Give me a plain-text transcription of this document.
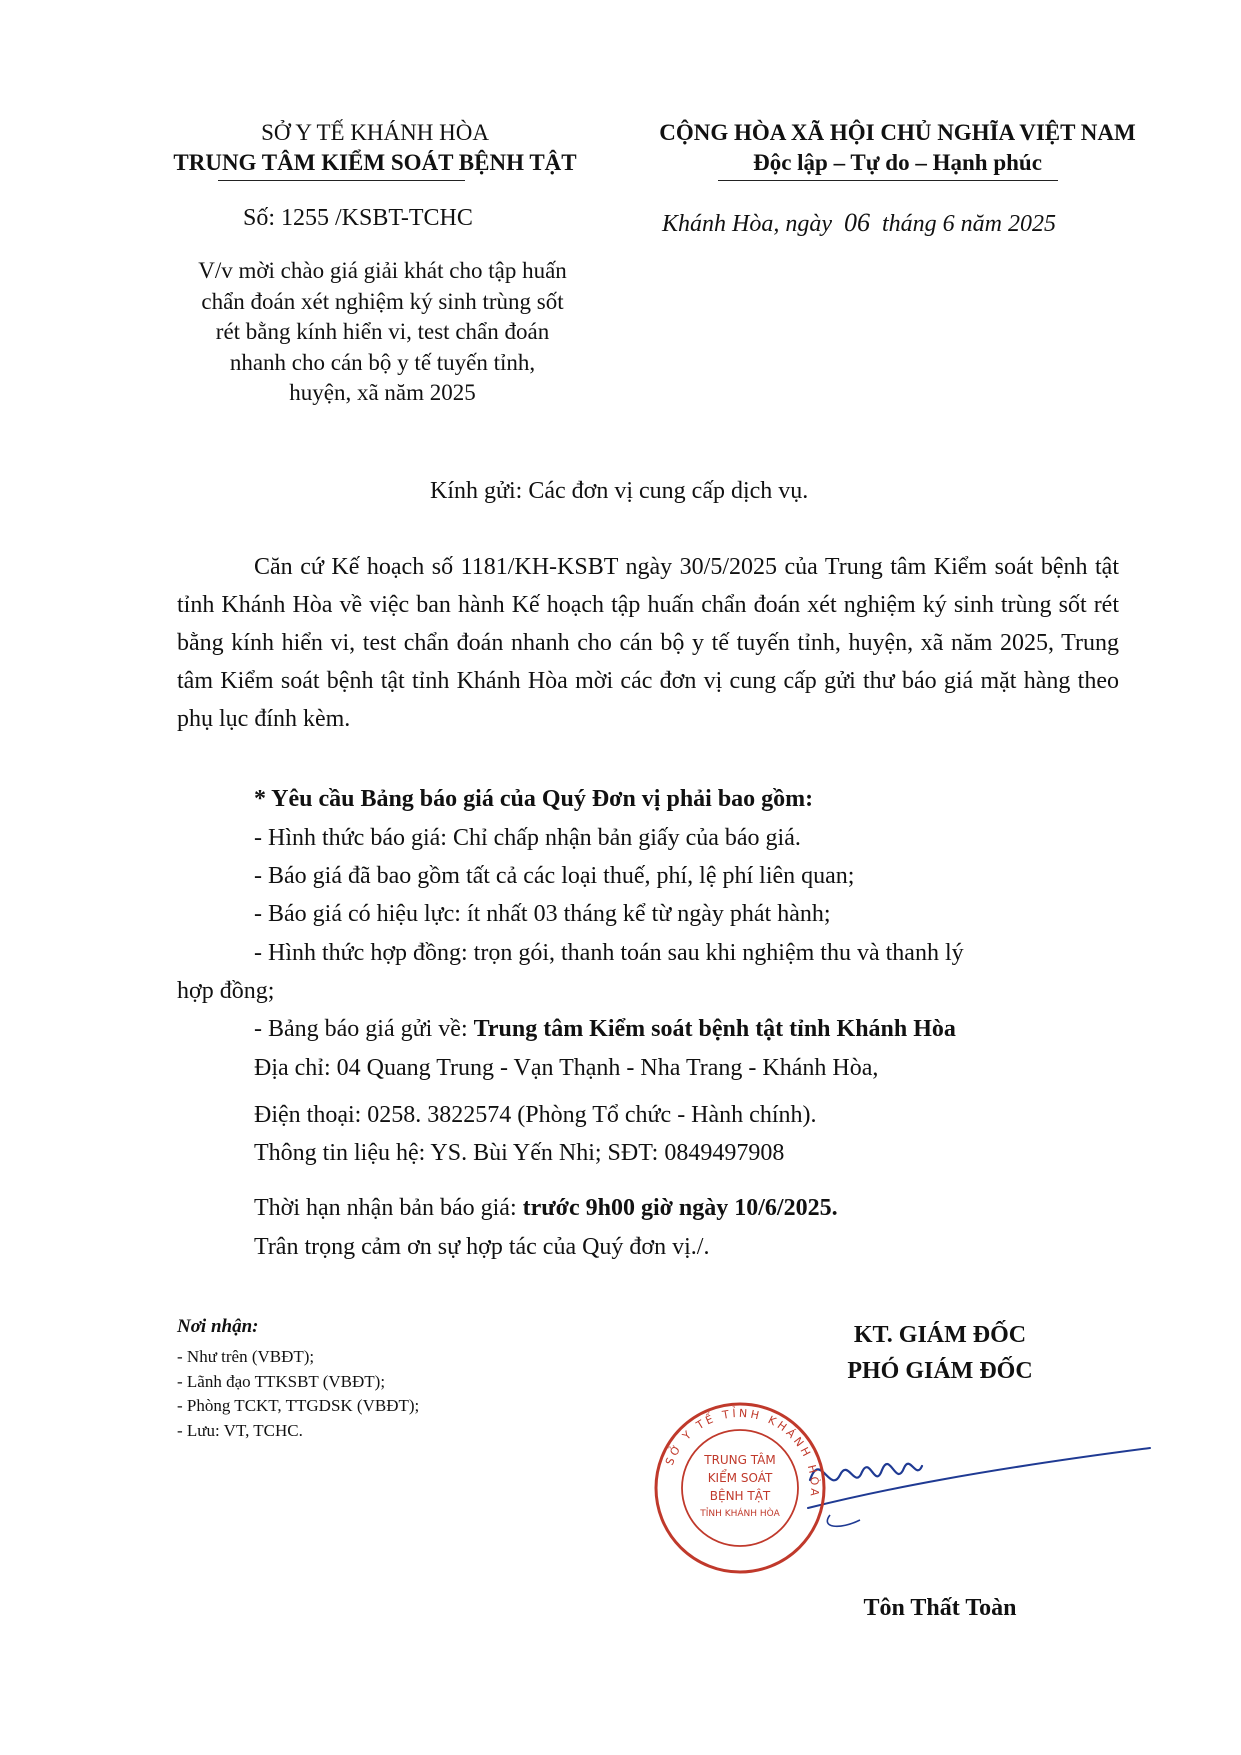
SỞ Y TẾ KHÁNH HÒA
TRUNG TÂM KIỂM SOÁT BỆNH TẬT
CỘNG HÒA XÃ HỘI CHỦ NGHĨA VIỆT NAM
Độc lập – Tự do – Hạnh phúc
Số: 1255 /KSBT-TCHC	Khánh Hòa, ngày 06 tháng 6 năm 2025
V/v mời chào giá giải khát cho tập huấn
chẩn đoán xét nghiệm ký sinh trùng sốt
rét bằng kính hiển vi, test chẩn đoán
nhanh cho cán bộ y tế tuyến tỉnh,
huyện, xã năm 2025
Kính gửi: Các đơn vị cung cấp dịch vụ.
Căn cứ Kế hoạch số 1181/KH-KSBT ngày 30/5/2025 của Trung tâm Kiểm soát bệnh tật tỉnh Khánh Hòa về việc ban hành Kế hoạch tập huấn chẩn đoán xét nghiệm ký sinh trùng sốt rét bằng kính hiển vi, test chẩn đoán nhanh cho cán bộ y tế tuyến tỉnh, huyện, xã năm 2025, Trung tâm Kiểm soát bệnh tật tỉnh Khánh Hòa mời các đơn vị cung cấp gửi thư báo giá mặt hàng theo phụ lục đính kèm.
* Yêu cầu Bảng báo giá của Quý Đơn vị phải bao gồm:
- Hình thức báo giá: Chỉ chấp nhận bản giấy của báo giá.
- Báo giá đã bao gồm tất cả các loại thuế, phí, lệ phí liên quan;
- Báo giá có hiệu lực: ít nhất 03 tháng kể từ ngày phát hành;
- Hình thức hợp đồng: trọn gói, thanh toán sau khi nghiệm thu và thanh lý
hợp đồng;
- Bảng báo giá gửi về: Trung tâm Kiểm soát bệnh tật tỉnh Khánh Hòa
Địa chỉ: 04 Quang Trung - Vạn Thạnh - Nha Trang - Khánh Hòa,
Điện thoại: 0258. 3822574 (Phòng Tổ chức - Hành chính).
Thông tin liệu hệ: YS. Bùi Yến Nhi; SĐT: 0849497908
Thời hạn nhận bản báo giá: trước 9h00 giờ ngày 10/6/2025.
Trân trọng cảm ơn sự hợp tác của Quý đơn vị./.
Nơi nhận:
- Như trên (VBĐT);
- Lãnh đạo TTKSBT (VBĐT);
- Phòng TCKT, TTGDSK (VBĐT);
- Lưu: VT, TCHC.
KT. GIÁM ĐỐC
PHÓ GIÁM ĐỐC
SỞ Y TẾ TỈNH KHÁNH HÒA
TRUNG TÂM
KIỂM SOÁT
BỆNH TẬT
TỈNH KHÁNH HÒA
Tôn Thất Toàn
